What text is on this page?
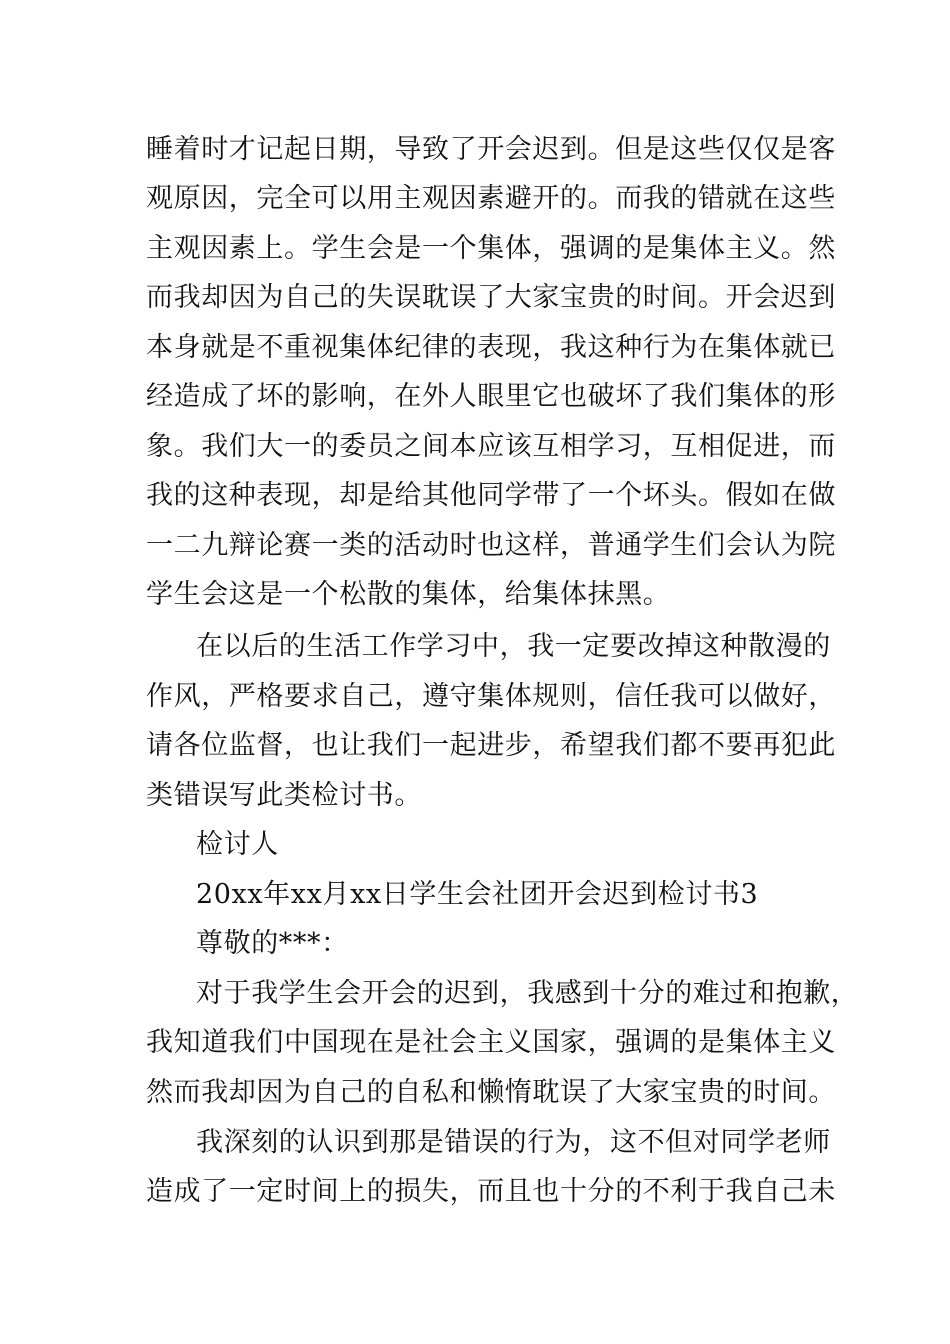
睡着时才记起日期，导致了开会迟到。但是这些仅仅是客
观原因，完全可以用主观因素避开的。而我的错就在这些
主观因素上。学生会是一个集体，强调的是集体主义。然
而我却因为自己的失误耽误了大家宝贵的时间。开会迟到
本身就是不重视集体纪律的表现，我这种行为在集体就已
经造成了坏的影响，在外人眼里它也破坏了我们集体的形
象。我们大一的委员之间本应该互相学习，互相促进，而
我的这种表现，却是给其他同学带了一个坏头。假如在做
一二九辩论赛一类的活动时也这样，普通学生们会认为院
学生会这是一个松散的集体，给集体抹黑。
在以后的生活工作学习中，我一定要改掉这种散漫的
作风，严格要求自己，遵守集体规则，信任我可以做好，
请各位监督，也让我们一起进步，希望我们都不要再犯此
类错误写此类检讨书。
检讨人
20xx年xx月xx日学生会社团开会迟到检讨书3
尊敬的***：
对于我学生会开会的迟到，我感到十分的难过和抱歉，
我知道我们中国现在是社会主义国家，强调的是集体主义
然而我却因为自己的自私和懒惰耽误了大家宝贵的时间。
我深刻的认识到那是错误的行为，这不但对同学老师
造成了一定时间上的损失，而且也十分的不利于我自己未
